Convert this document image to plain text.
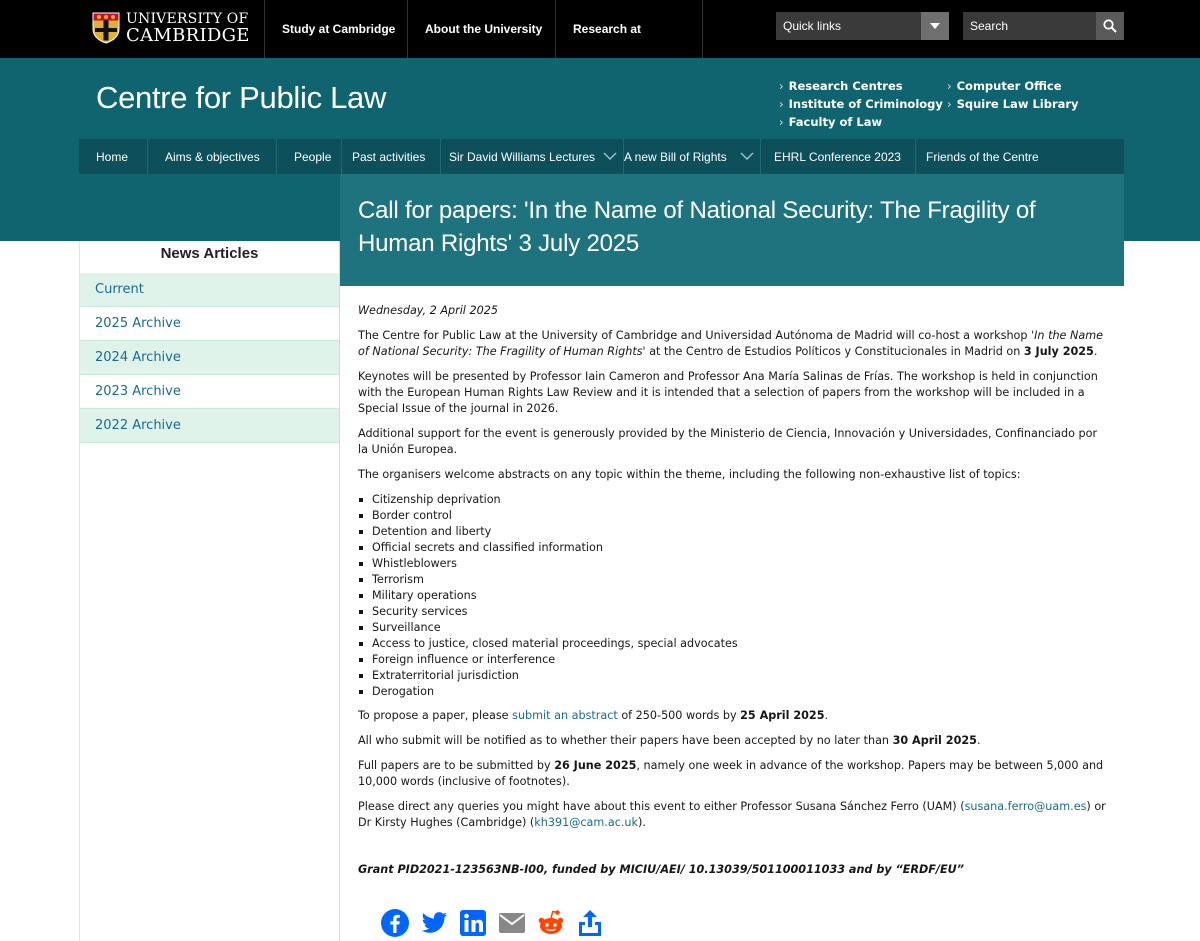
UNIVERSITY OF
CAMBRIDGE	Study at Cambridge	About the University	Research at	Quick links
Search
Centre for Public Law	› Research Centres
› Institute of Criminology
› Faculty of Law
› Computer Office
› Squire Law Library
Home	Aims & objectives	People Past activities Sir David Williams Lectures A new Bill of Rights	EHRL Conference 2023 Friends of the Centre
Call for papers: 'In the Name of National Security: The Fragility of Human Rights' 3 July 2025
News Articles
Current
2025 Archive
2024 Archive
2023 Archive
2022 Archive

Wednesday, 2 April 2025

The Centre for Public Law at the University of Cambridge and Universidad Autónoma de Madrid will co-host a workshop 'In the Name of National Security: The Fragility of Human Rights' at the Centro de Estudios Políticos y Constitucionales in Madrid on 3 July 2025.

Keynotes will be presented by Professor Iain Cameron and Professor Ana María Salinas de Frías. The workshop is held in conjunction with the European Human Rights Law Review and it is intended that a selection of papers from the workshop will be included in a Special Issue of the journal in 2026.

Additional support for the event is generously provided by the Ministerio de Ciencia, Innovación y Universidades, Confinanciado por la Unión Europea.

The organisers welcome abstracts on any topic within the theme, including the following non-exhaustive list of topics:

Citizenship deprivation
Border control
Detention and liberty
Official secrets and classified information
Whistleblowers
Terrorism
Military operations
Security services
Surveillance
Access to justice, closed material proceedings, special advocates
Foreign influence or interference
Extraterritorial jurisdiction
Derogation

To propose a paper, please submit an abstract of 250-500 words by 25 April 2025.

All who submit will be notified as to whether their papers have been accepted by no later than 30 April 2025.

Full papers are to be submitted by 26 June 2025, namely one week in advance of the workshop. Papers may be between 5,000 and 10,000 words (inclusive of footnotes).

Please direct any queries you might have about this event to either Professor Susana Sánchez Ferro (UAM) (susana.ferro@uam.es) or Dr Kirsty Hughes (Cambridge) (kh391@cam.ac.uk).

Grant PID2021-123563NB-I00, funded by MICIU/AEI/ 10.13039/501100011033 and by “ERDF/EU”
